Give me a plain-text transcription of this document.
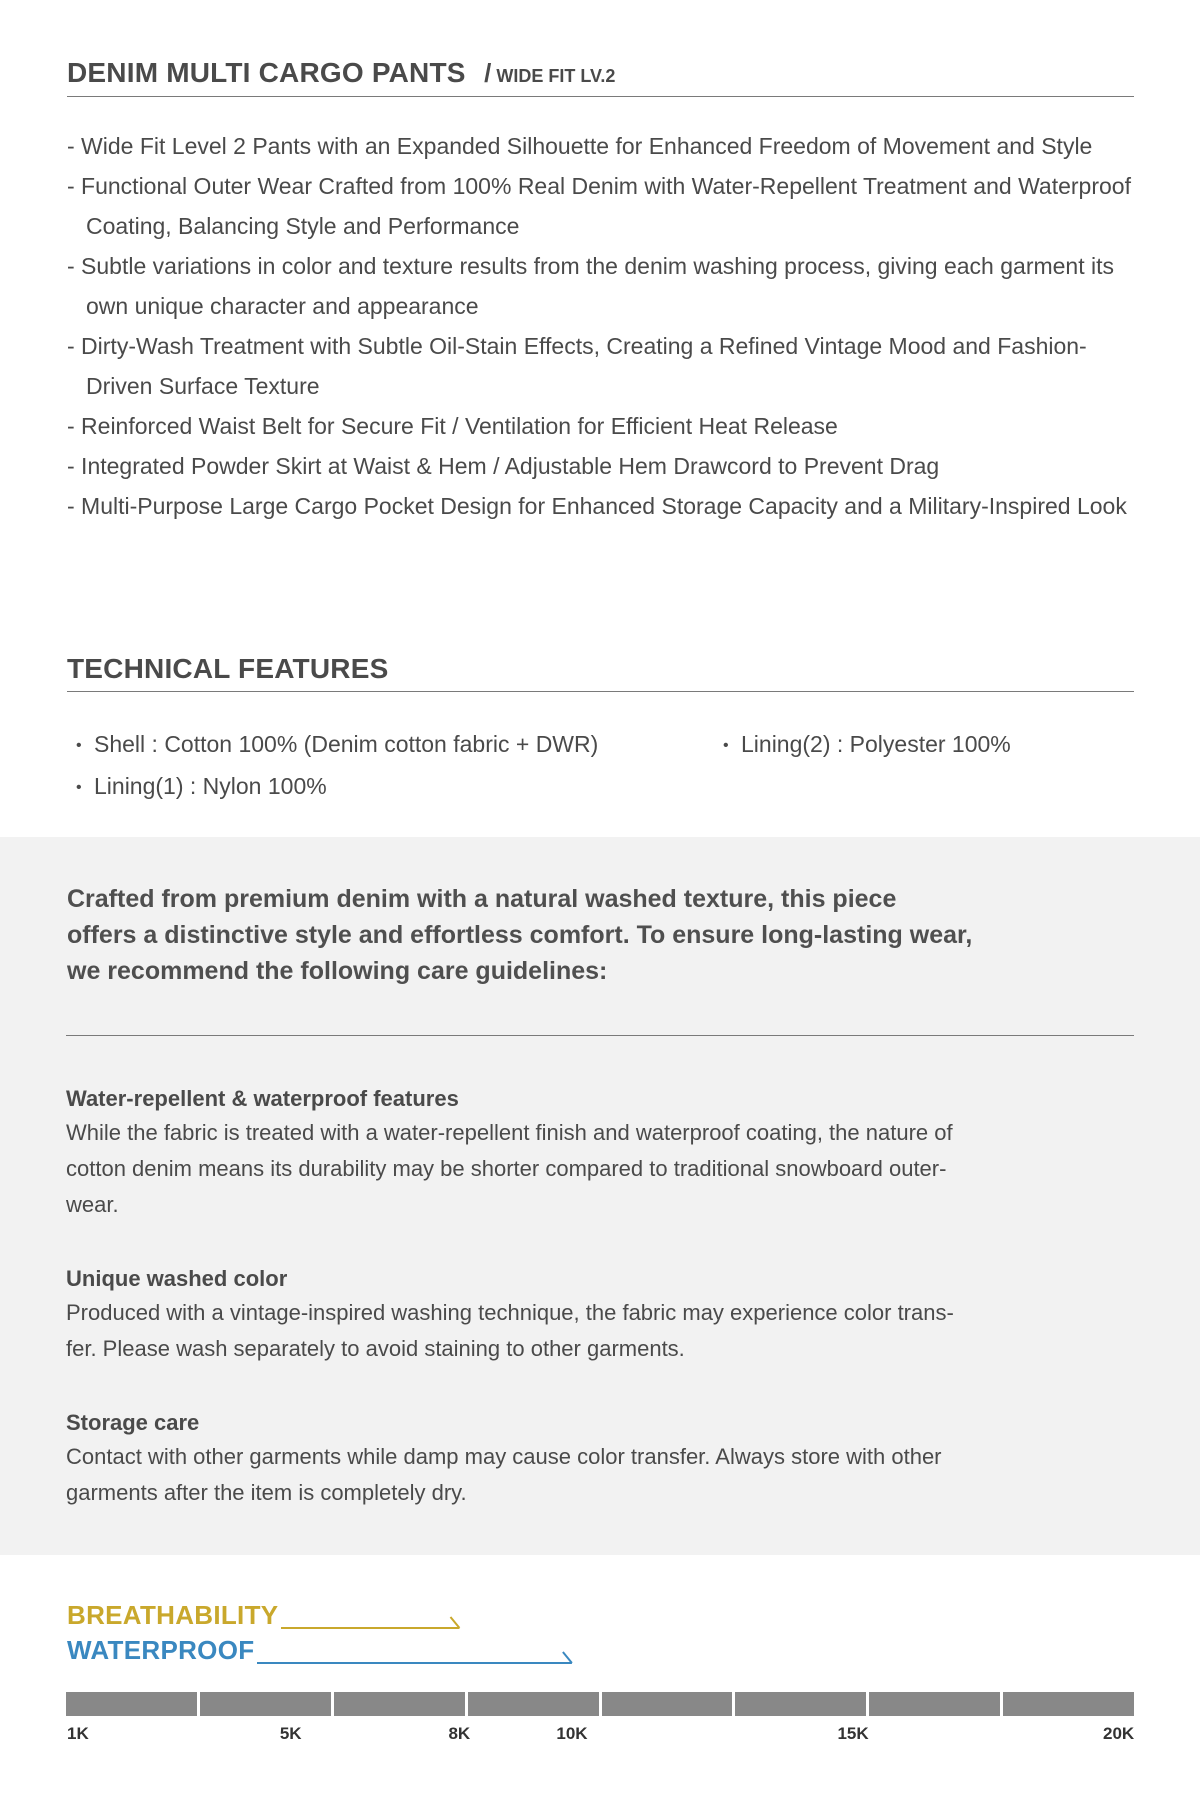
DENIM MULTI CARGO PANTS / WIDE FIT LV.2
- Wide Fit Level 2 Pants with an Expanded Silhouette for Enhanced Freedom of Movement and Style
- Functional Outer Wear Crafted from 100% Real Denim with Water-Repellent Treatment and Waterproof Coating, Balancing Style and Performance
- Subtle variations in color and texture results from the denim washing process, giving each garment its own unique character and appearance
- Dirty-Wash Treatment with Subtle Oil-Stain Effects, Creating a Refined Vintage Mood and Fashion-Driven Surface Texture
- Reinforced Waist Belt for Secure Fit / Ventilation for Efficient Heat Release
- Integrated Powder Skirt at Waist & Hem / Adjustable Hem Drawcord to Prevent Drag
- Multi-Purpose Large Cargo Pocket Design for Enhanced Storage Capacity and a Military-Inspired Look
TECHNICAL FEATURES
• Shell : Cotton 100% (Denim cotton fabric + DWR)
• Lining(1) : Nylon 100%
• Lining(2) : Polyester 100%
Crafted from premium denim with a natural washed texture, this piece
offers a distinctive style and effortless comfort. To ensure long-lasting wear,
we recommend the following care guidelines:
Water-repellent & waterproof features
While the fabric is treated with a water-repellent finish and waterproof coating, the nature of
cotton denim means its durability may be shorter compared to traditional snowboard outer-
wear.
Unique washed color
Produced with a vintage-inspired washing technique, the fabric may experience color trans-
fer. Please wash separately to avoid staining to other garments.
Storage care
Contact with other garments while damp may cause color transfer. Always store with other
garments after the item is completely dry.
BREATHABILITY
WATERPROOF
1K	5K	8K	10K	15K	20K
